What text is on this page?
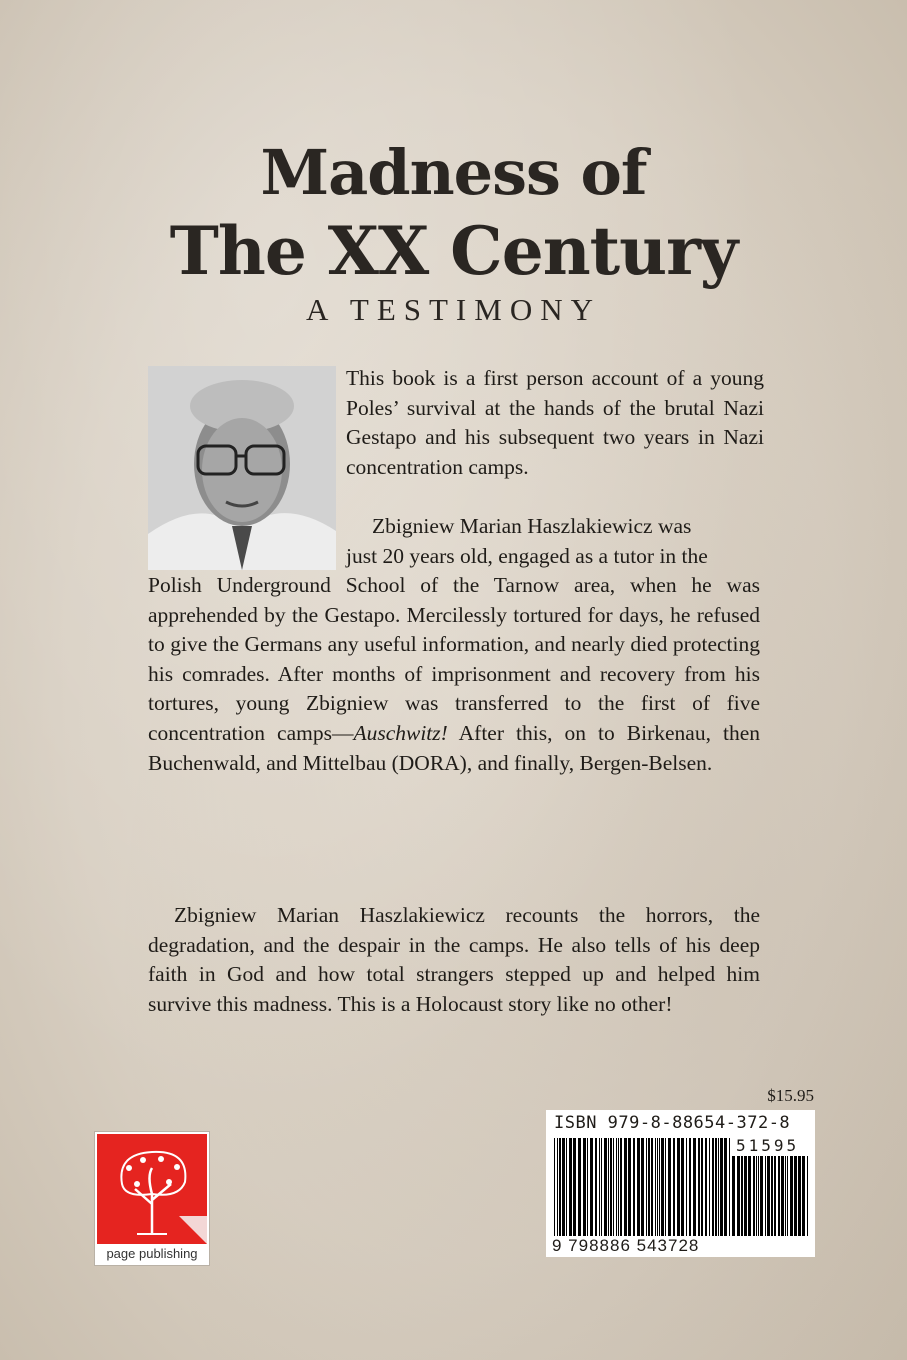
Madness of
The XX Century
A TESTIMONY

This book is a first person account of a young Poles’ survival at the hands of the brutal Nazi Gestapo and his subsequent two years in Nazi concentration camps.

Zbigniew Marian Haszlakiewicz was

just 20 years old, engaged as a tutor in the

Polish Underground School of the Tarnow area, when he was apprehended by the Gestapo. Mercilessly tortured for days, he refused to give the Germans any useful information, and nearly died protecting his comrades. After months of imprisonment and recovery from his tortures, young Zbigniew was transferred to the first of five concentration camps—Auschwitz! After this, on to Birkenau, then Buchenwald, and Mittelbau (DORA), and finally, Bergen-Belsen.

Zbigniew Marian Haszlakiewicz recounts the horrors, the degradation, and the despair in the camps. He also tells of his deep faith in God and how total strangers stepped up and helped him survive this madness. This is a Holocaust story like no other!

$15.95
ISBN 979-8-88654-372-8
51595
9 798886 543728
page publishing
